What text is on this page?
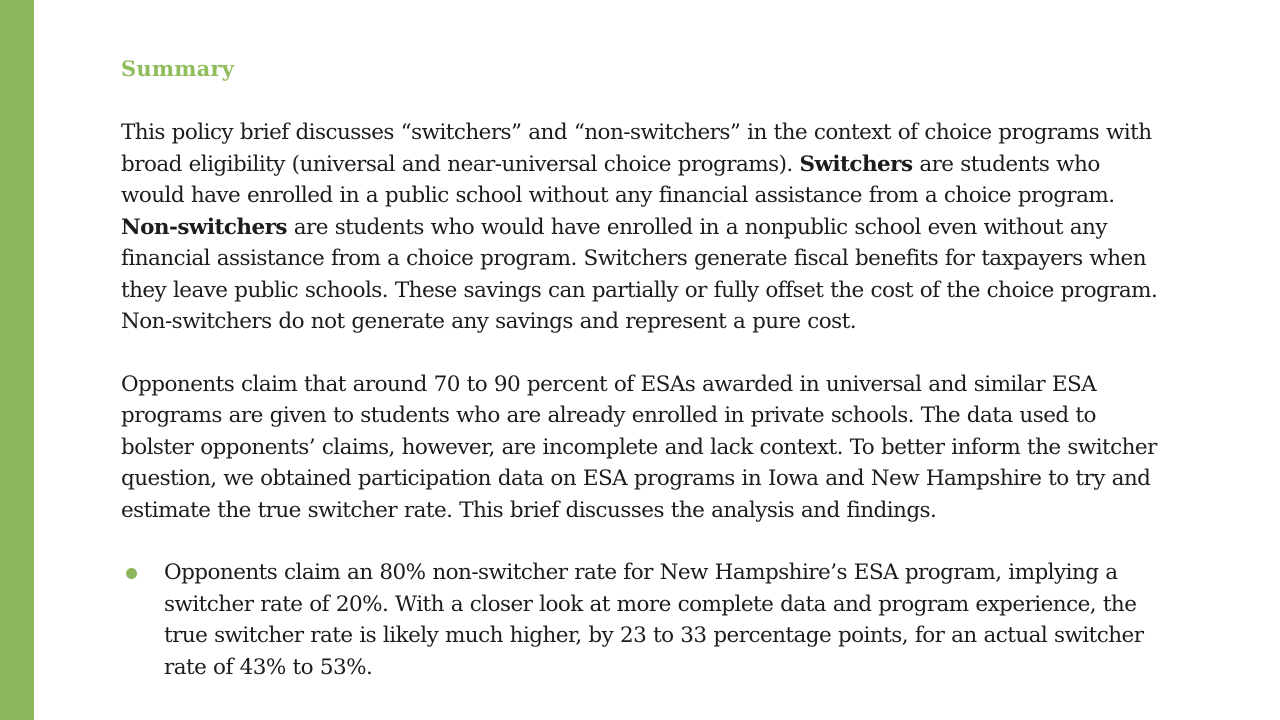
Summary
This policy brief discusses “switchers” and “non-switchers” in the context of choice programs with
broad eligibility (universal and near-universal choice programs). Switchers are students who
would have enrolled in a public school without any financial assistance from a choice program.
Non-switchers are students who would have enrolled in a nonpublic school even without any
financial assistance from a choice program. Switchers generate fiscal benefits for taxpayers when
they leave public schools. These savings can partially or fully offset the cost of the choice program.
Non-switchers do not generate any savings and represent a pure cost.
Opponents claim that around 70 to 90 percent of ESAs awarded in universal and similar ESA
programs are given to students who are already enrolled in private schools. The data used to
bolster opponents’ claims, however, are incomplete and lack context. To better inform the switcher
question, we obtained participation data on ESA programs in Iowa and New Hampshire to try and
estimate the true switcher rate. This brief discusses the analysis and findings.
Opponents claim an 80% non-switcher rate for New Hampshire’s ESA program, implying a
switcher rate of 20%. With a closer look at more complete data and program experience, the
true switcher rate is likely much higher, by 23 to 33 percentage points, for an actual switcher
rate of 43% to 53%.
